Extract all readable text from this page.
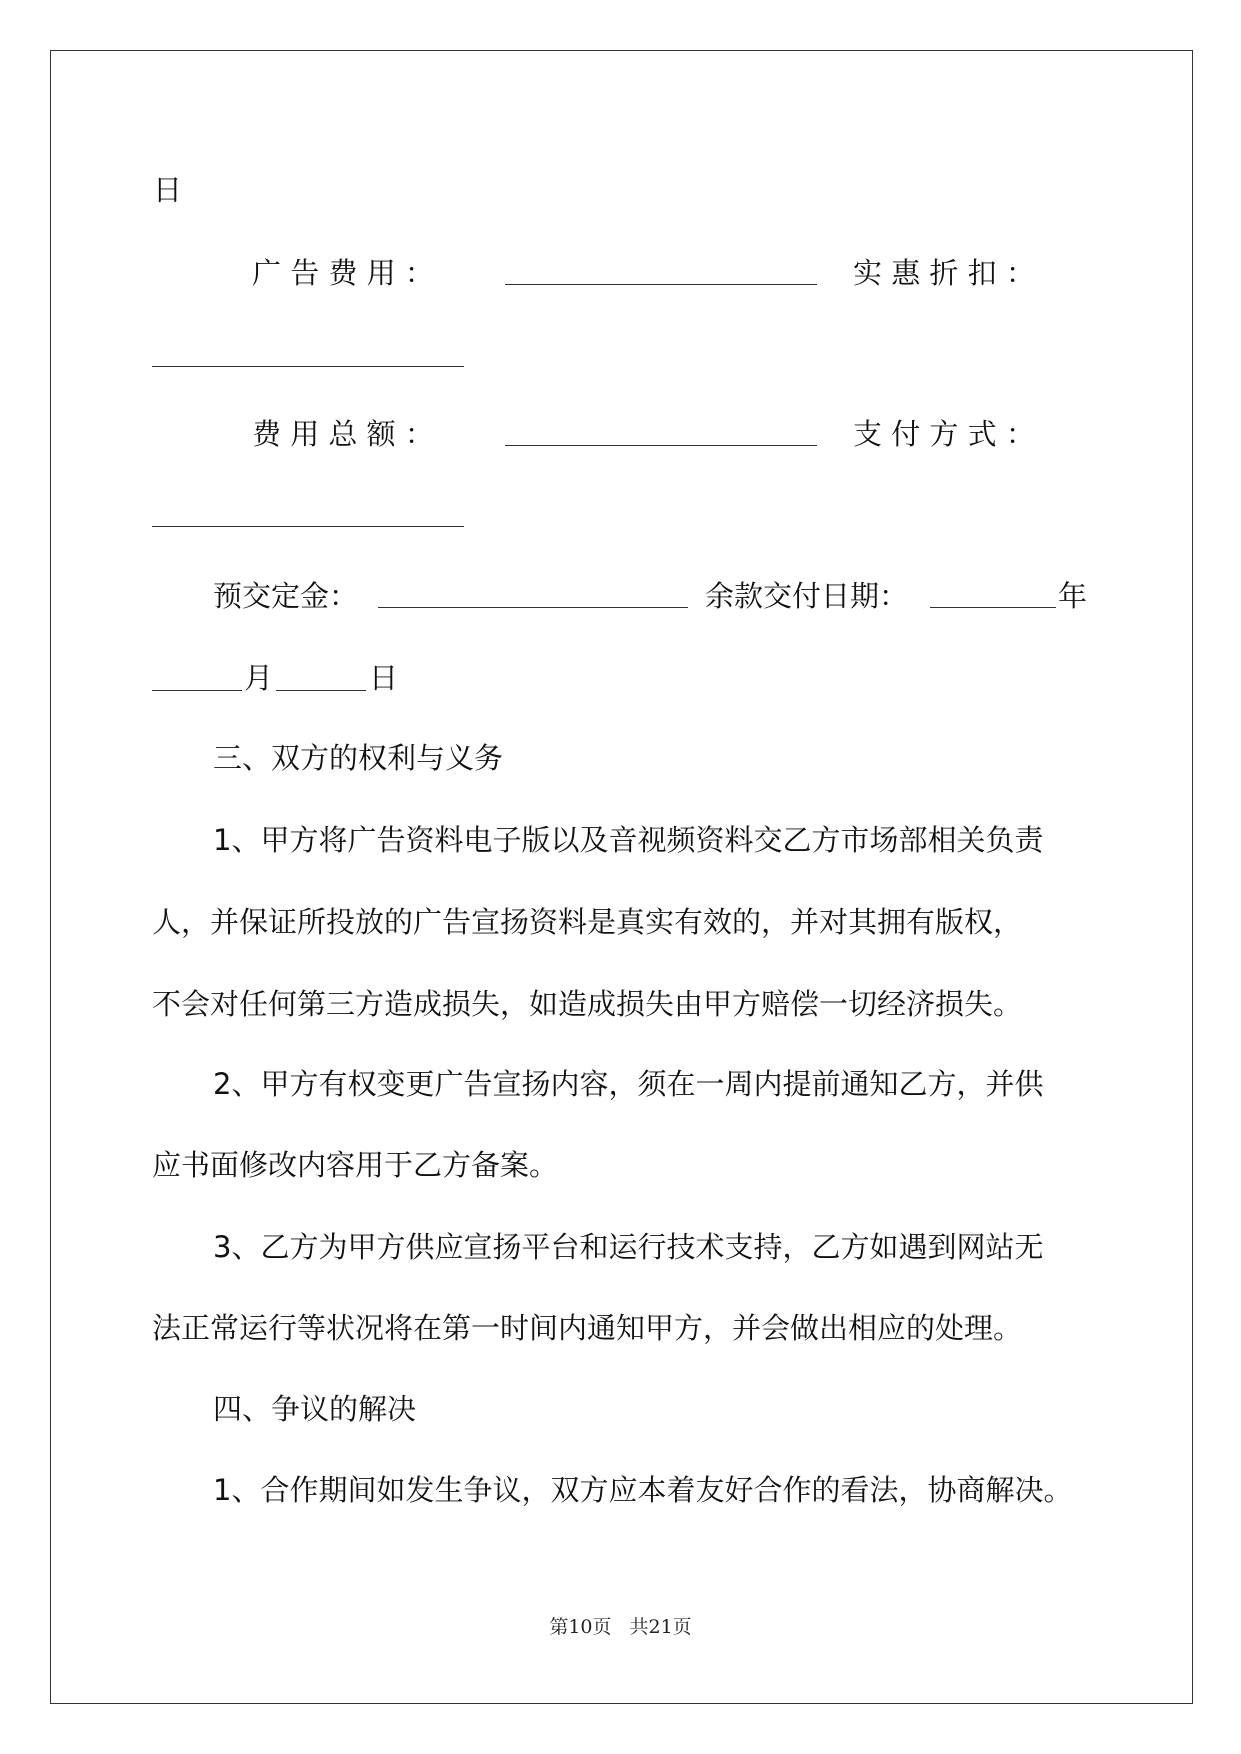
日
广 告 费 用 ：	实 惠 折 扣 ：
费 用 总 额 ：	支 付 方 式 ：
预交定金：	余款交付日期：	年
月	日
三、双方的权利与义务
1、甲方将广告资料电子版以及音视频资料交乙方市场部相关负责
人，并保证所投放的广告宣扬资料是真实有效的，并对其拥有版权，
不会对任何第三方造成损失，如造成损失由甲方赔偿一切经济损失。
2、甲方有权变更广告宣扬内容，须在一周内提前通知乙方，并供
应书面修改内容用于乙方备案。
3、乙方为甲方供应宣扬平台和运行技术支持，乙方如遇到网站无
法正常运行等状况将在第一时间内通知甲方，并会做出相应的处理。
四、争议的解决
1、合作期间如发生争议，双方应本着友好合作的看法，协商解决。
第10页 共21页
